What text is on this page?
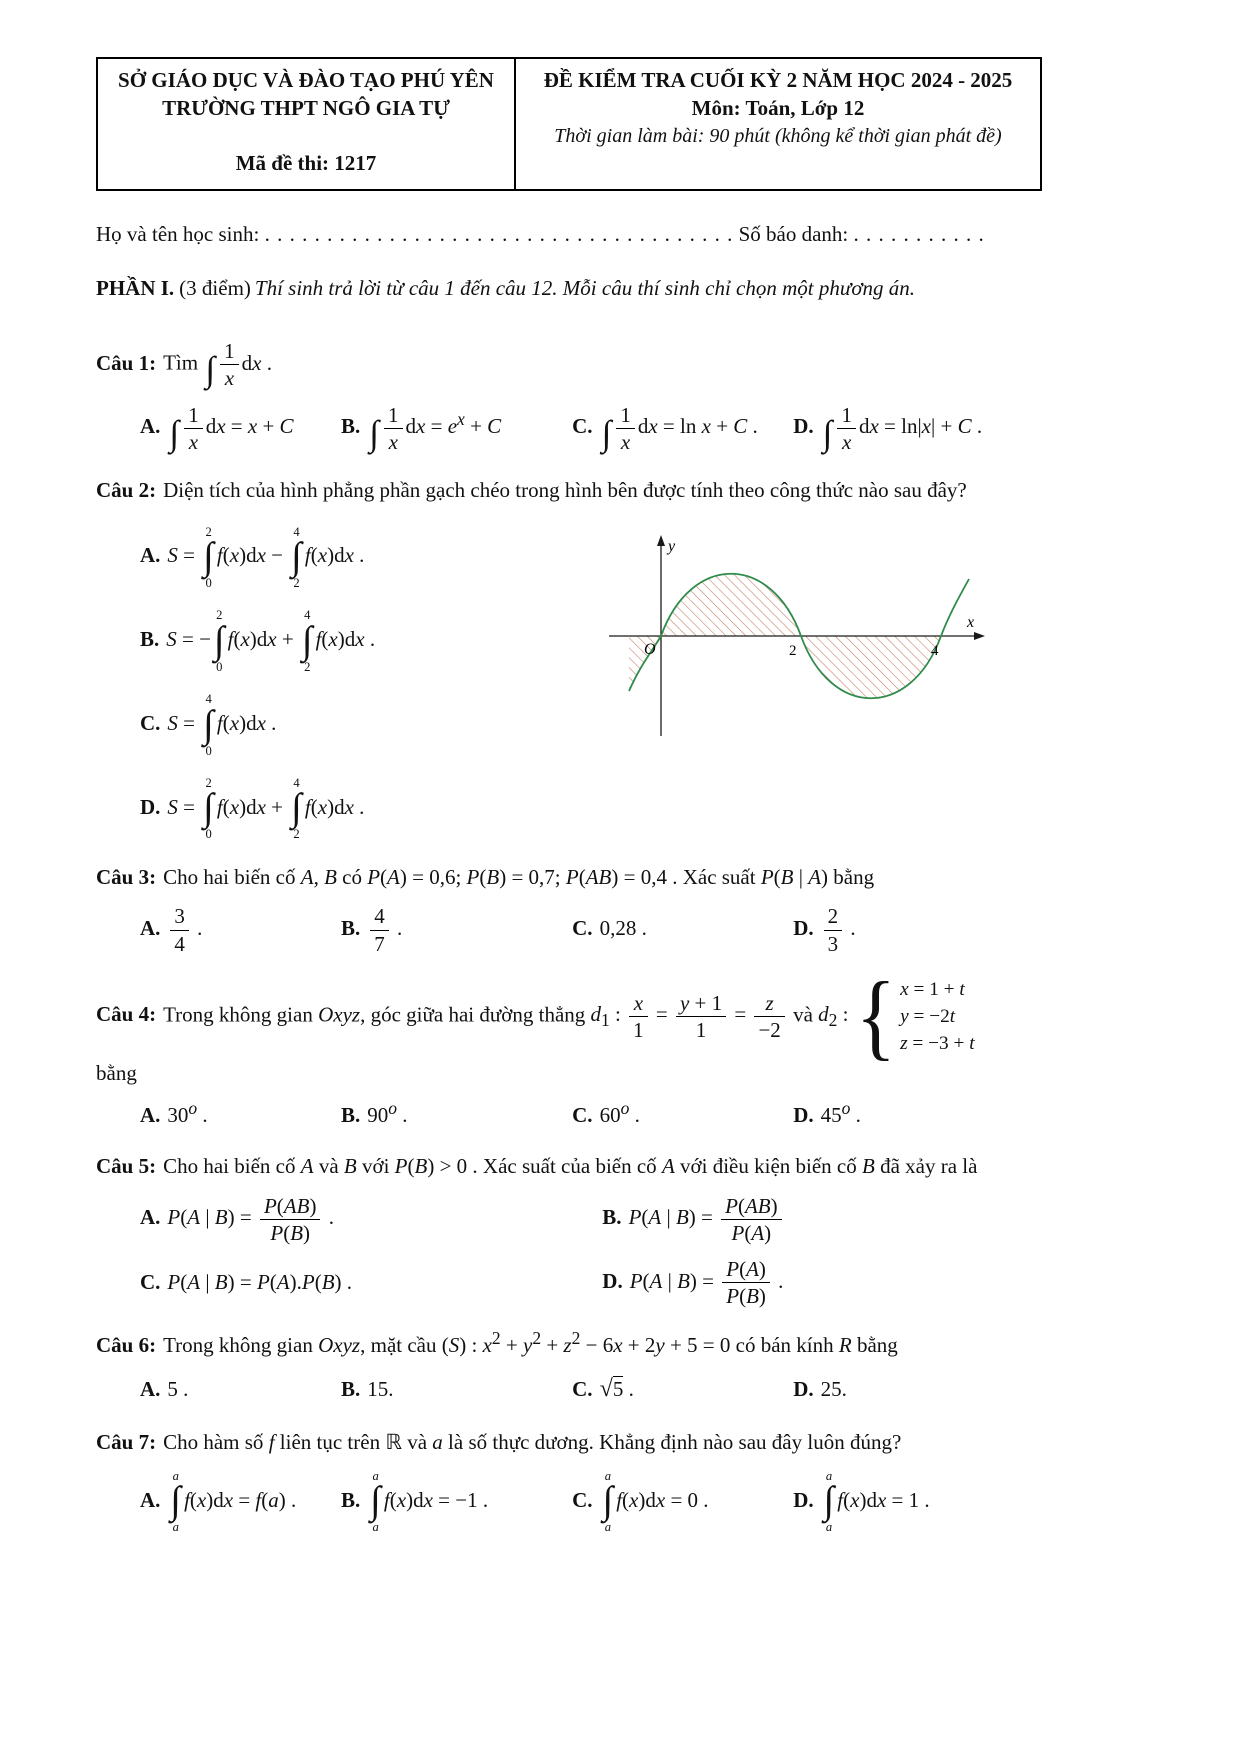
SỞ GIÁO DỤC VÀ ĐÀO TẠO PHÚ YÊN
TRƯỜNG THPT NGÔ GIA TỰ
Mã đề thi: 1217
ĐỀ KIỂM TRA CUỐI KỲ 2 NĂM HỌC 2024 - 2025
Môn: Toán, Lớp 12
Thời gian làm bài: 90 phút (không kể thời gian phát đề)

Họ và tên học sinh: . . . . . . . . . . . . . . . . . . . . . . . . . . . . . . . . . . . . . . Số báo danh: . . . . . . . . . . .

PHẦN I. (3 điểm) Thí sinh trả lời từ câu 1 đến câu 12. Mỗi câu thí sinh chỉ chọn một phương án.

Câu 1: Tìm ∫ $\frac{1}{x}$ dx .

A. ∫ $\frac{1}{x}$ dx = x + C	B. ∫ $\frac{1}{x}$ dx = $e^x + C$	C. ∫ $\frac{1}{x}$ dx = ln x + C .	D. ∫ $\frac{1}{x}$ dx = ln|x| + C .

Câu 2: Diện tích của hình phẳng phần gạch chéo trong hình bên được tính theo công thức nào sau đây?

A. S =
2
∫
0
f(x)dx −
4
∫
2
f(x)dx .
B. S = −
2
∫
0
f(x)dx +
4
∫
2
f(x)dx .
C. S =
4
∫
0
f(x)dx .
D. S =
2
∫
0
f(x)dx +
4
∫
2
f(x)dx .
y
x
O	2	4

Câu 3: Cho hai biến cố A, B có P(A) = 0,6; P(B) = 0,7; P(AB) = 0,4 . Xác suất P(B | A) bằng

A. $\frac{3}{4}$ .	B. $\frac{4}{7}$ .	C. 0,28 .	D. $\frac{2}{3}$ .

Câu 4: Trong không gian Oxyz, góc giữa hai đường thẳng $d_1$ : $\frac{x}{1} = \frac{y + 1}{1} = \frac{z}{-2}$ và $d_2$ : { x = 1 + t
y = −2t
z = −3 + t

bằng

A. 30$^o$ .	B. 90$^o$ .	C. 60$^o$ .	D. 45$^o$ .

Câu 5: Cho hai biến cố A và B với P(B) > 0 . Xác suất của biến cố A với điều kiện biến cố B đã xảy ra là

A. P(A | $B) = \frac{P(AB)}{P(B)}$ .	B. P(A | $B) = \frac{P(AB)}{P(A)}$
C. P(A | B) = P(A).P(B) .	D. P(A | $B) = \frac{P(A)}{P(B)}$ .

Câu 6: Trong không gian Oxyz, mặt cầu (S) : $x^2 + y^2 + z^2 - 6x + 2y + 5 = 0$ có bán kính R bằng

A. 5 .	B. 15.	C. √5 .	D. 25.

Câu 7: Cho hàm số f liên tục trên ℝ và a là số thực dương. Khẳng định nào sau đây luôn đúng?

A.
a
∫
a
f(x)dx = f(a) .	B.
a
∫
a
f(x)dx = −1 .	C.
a
∫
a
f(x)dx = 0 .	D.
a
∫
a
f(x)dx = 1 .
